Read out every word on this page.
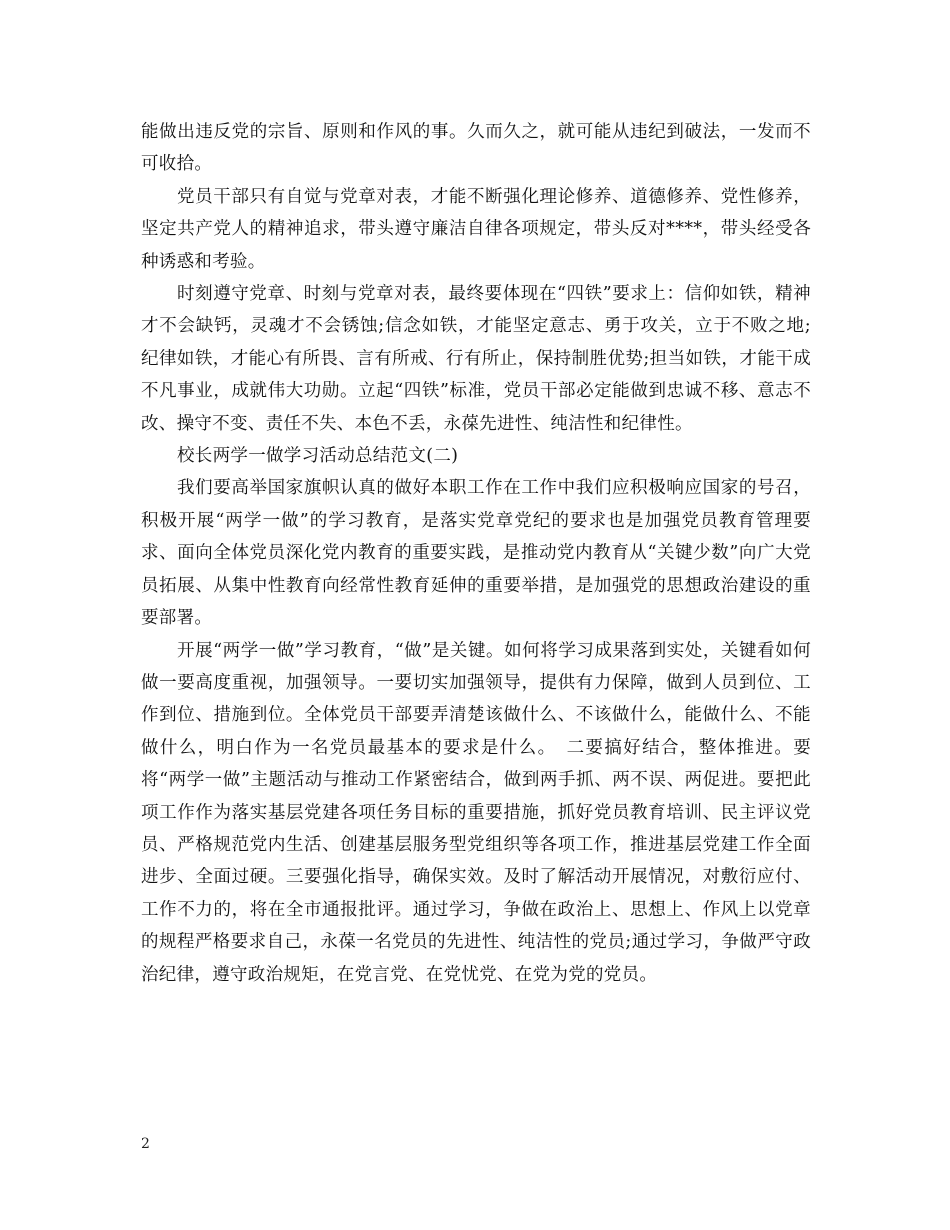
能做出违反党的宗旨、原则和作风的事。久而久之，就可能从违纪到破法，一发而不可收拾。

党员干部只有自觉与党章对表，才能不断强化理论修养、道德修养、党性修养，坚定共产党人的精神追求，带头遵守廉洁自律各项规定，带头反对****，带头经受各种诱惑和考验。

时刻遵守党章、时刻与党章对表，最终要体现在“四铁”要求上：信仰如铁，精神才不会缺钙，灵魂才不会锈蚀;信念如铁，才能坚定意志、勇于攻关，立于不败之地;纪律如铁，才能心有所畏、言有所戒、行有所止，保持制胜优势;担当如铁，才能干成不凡事业，成就伟大功勋。立起“四铁”标准，党员干部必定能做到忠诚不移、意志不改、操守不变、责任不失、本色不丢，永葆先进性、纯洁性和纪律性。

校长两学一做学习活动总结范文(二)

我们要高举国家旗帜认真的做好本职工作在工作中我们应积极响应国家的号召，积极开展“两学一做”的学习教育，是落实党章党纪的要求也是加强党员教育管理要求、面向全体党员深化党内教育的重要实践，是推动党内教育从“关键少数”向广大党员拓展、从集中性教育向经常性教育延伸的重要举措，是加强党的思想政治建设的重要部署。

开展“两学一做”学习教育，“做”是关键。如何将学习成果落到实处，关键看如何做一要高度重视，加强领导。一要切实加强领导，提供有力保障，做到人员到位、工作到位、措施到位。全体党员干部要弄清楚该做什么、不该做什么，能做什么、不能做什么，明白作为一名党员最基本的要求是什么。　二要搞好结合，整体推进。要将“两学一做”主题活动与推动工作紧密结合，做到两手抓、两不误、两促进。要把此项工作作为落实基层党建各项任务目标的重要措施，抓好党员教育培训、民主评议党员、严格规范党内生活、创建基层服务型党组织等各项工作，推进基层党建工作全面进步、全面过硬。三要强化指导，确保实效。及时了解活动开展情况，对敷衍应付、工作不力的，将在全市通报批评。通过学习，争做在政治上、思想上、作风上以党章的规程严格要求自己，永葆一名党员的先进性、纯洁性的党员;通过学习，争做严守政治纪律，遵守政治规矩，在党言党、在党忧党、在党为党的党员。

2
